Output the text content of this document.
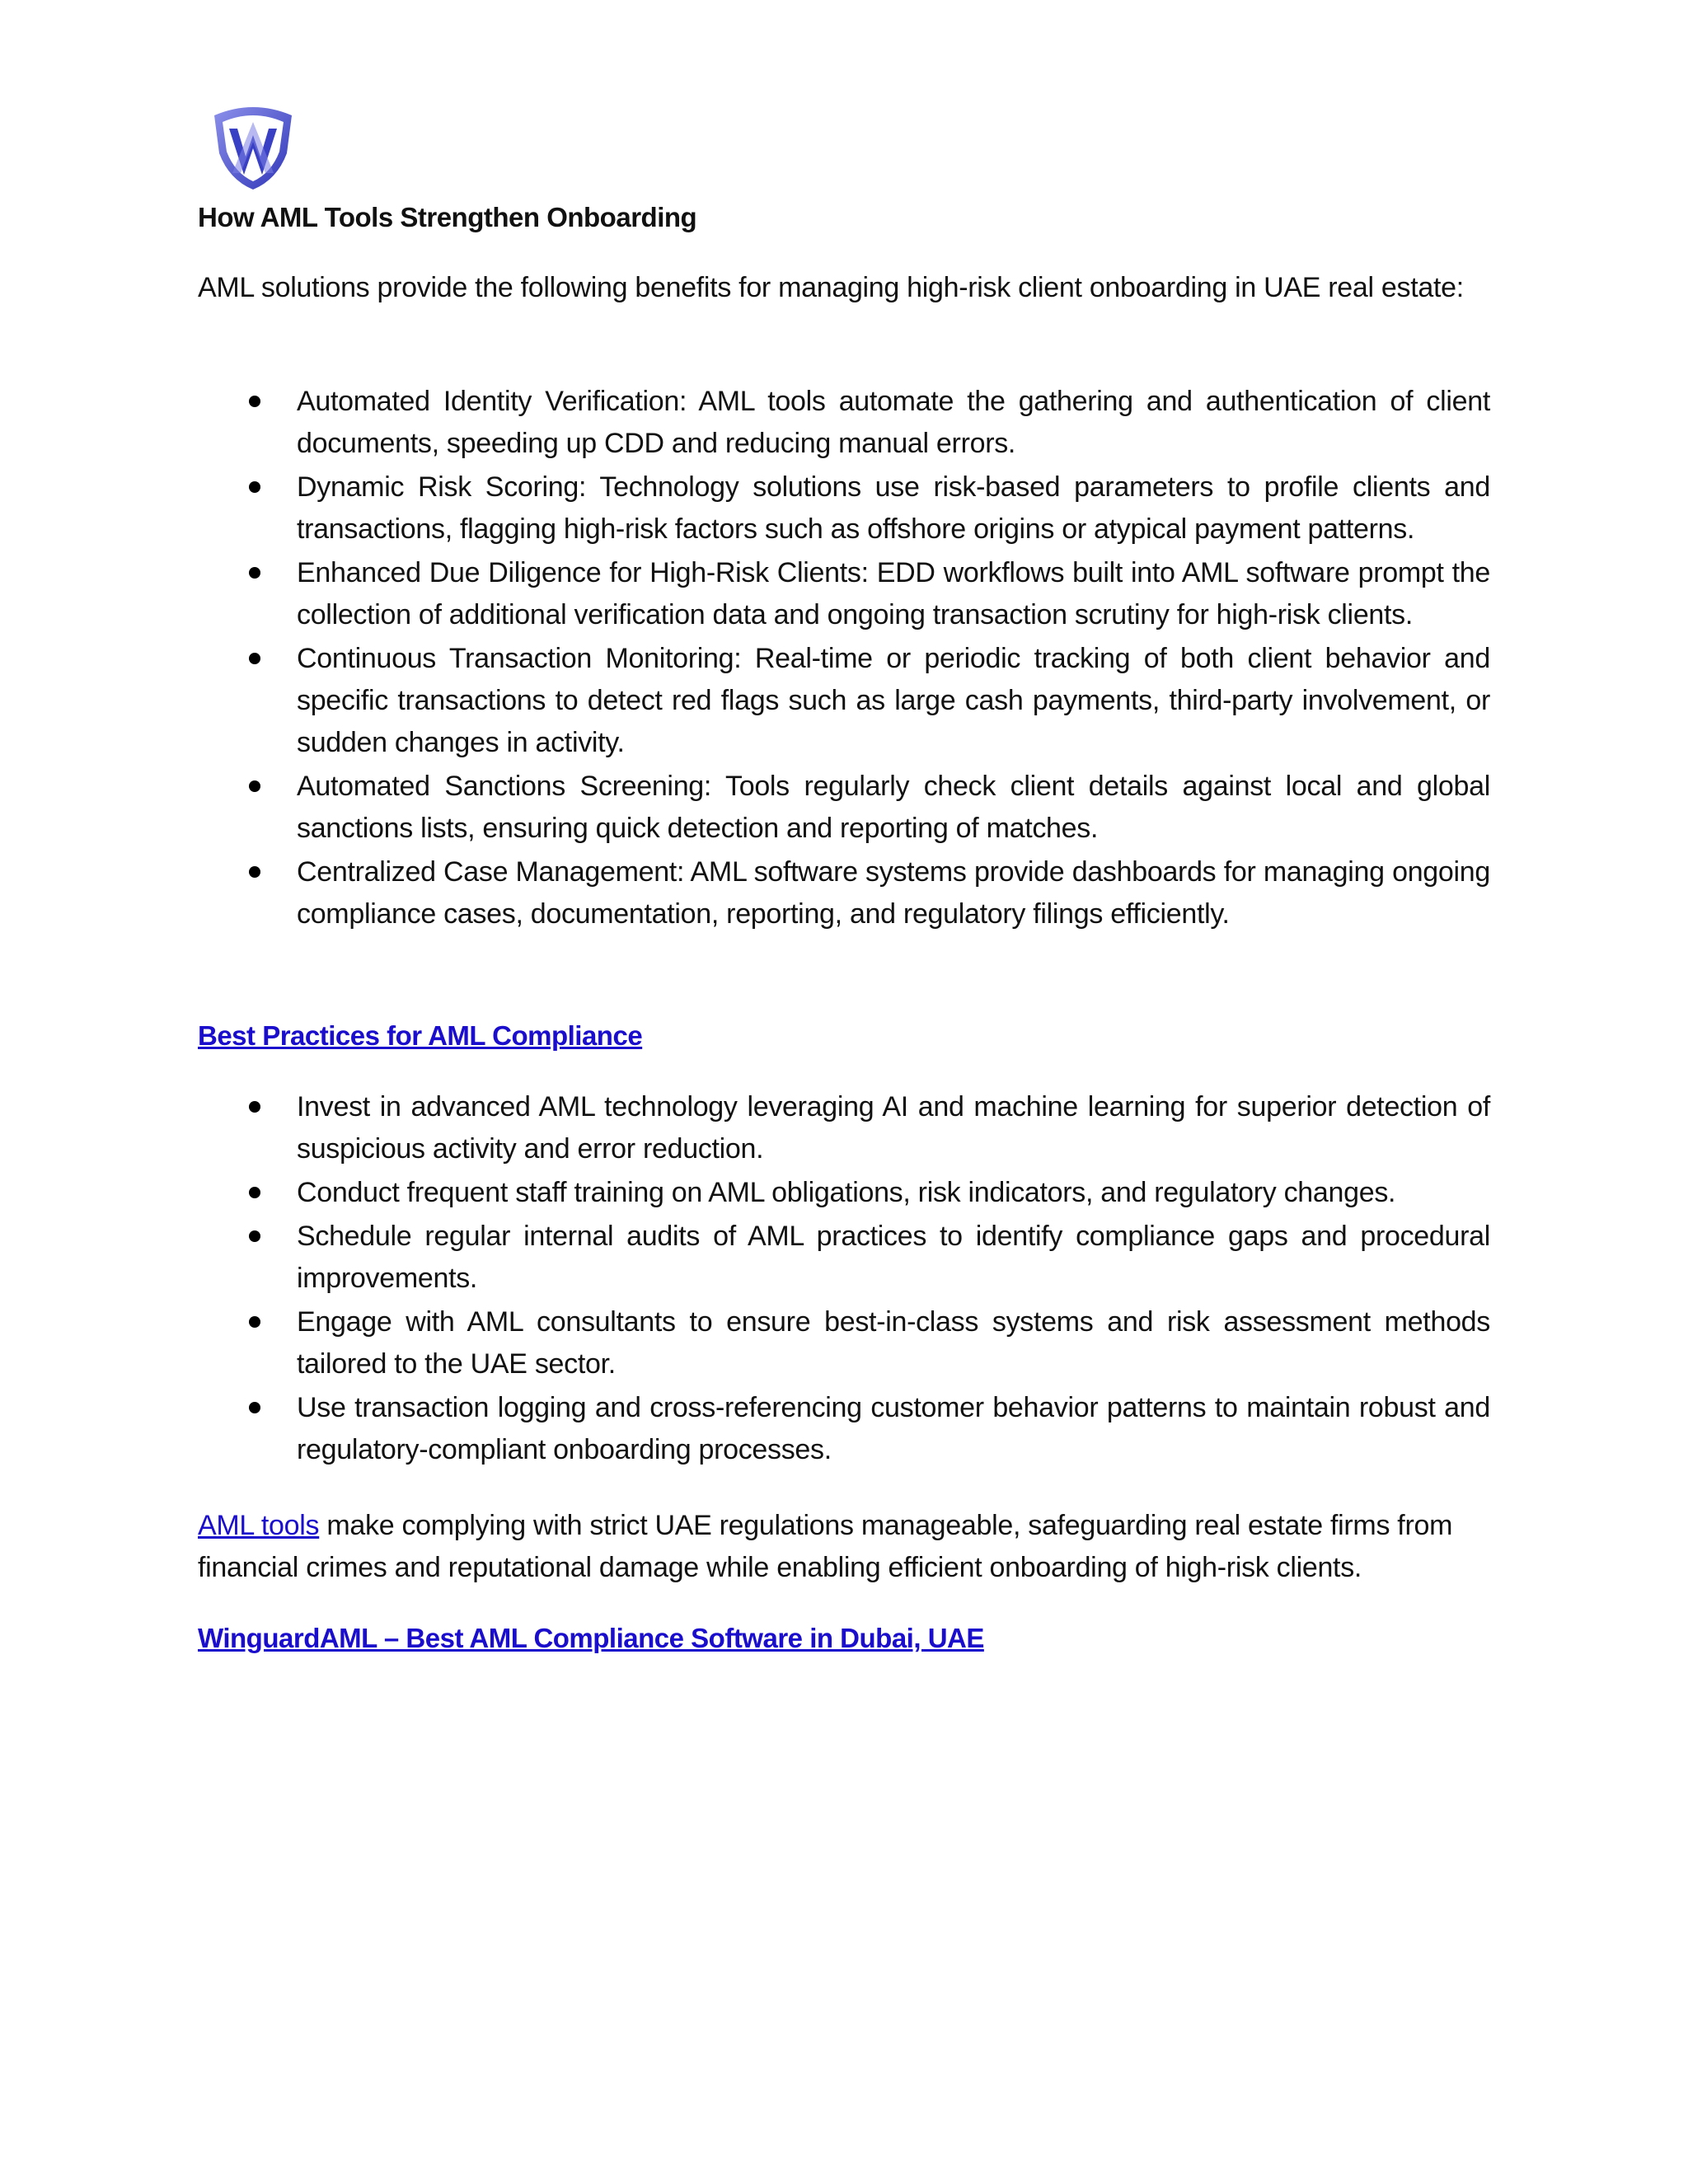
How AML Tools Strengthen Onboarding

AML solutions provide the following benefits for managing high-risk client onboarding in UAE real estate:

Automated Identity Verification: AML tools automate the gathering and authentication of client documents, speeding up CDD and reducing manual errors.
Dynamic Risk Scoring: Technology solutions use risk-based parameters to profile clients and transactions, flagging high-risk factors such as offshore origins or atypical payment patterns.
Enhanced Due Diligence for High-Risk Clients: EDD workflows built into AML software prompt the collection of additional verification data and ongoing transaction scrutiny for high-risk clients.
Continuous Transaction Monitoring: Real-time or periodic tracking of both client behavior and specific transactions to detect red flags such as large cash payments, third-party involvement, or sudden changes in activity.
Automated Sanctions Screening: Tools regularly check client details against local and global sanctions lists, ensuring quick detection and reporting of matches.
Centralized Case Management: AML software systems provide dashboards for managing ongoing compliance cases, documentation, reporting, and regulatory filings efficiently.
Best Practices for AML Compliance
Invest in advanced AML technology leveraging AI and machine learning for superior detection of suspicious activity and error reduction.
Conduct frequent staff training on AML obligations, risk indicators, and regulatory changes.
Schedule regular internal audits of AML practices to identify compliance gaps and procedural improvements.
Engage with AML consultants to ensure best-in-class systems and risk assessment methods tailored to the UAE sector.
Use transaction logging and cross-referencing customer behavior patterns to maintain robust and regulatory-compliant onboarding processes.

AML tools make complying with strict UAE regulations manageable, safeguarding real estate firms from financial crimes and reputational damage while enabling efficient onboarding of high-risk clients.

WinguardAML – Best AML Compliance Software in Dubai, UAE
